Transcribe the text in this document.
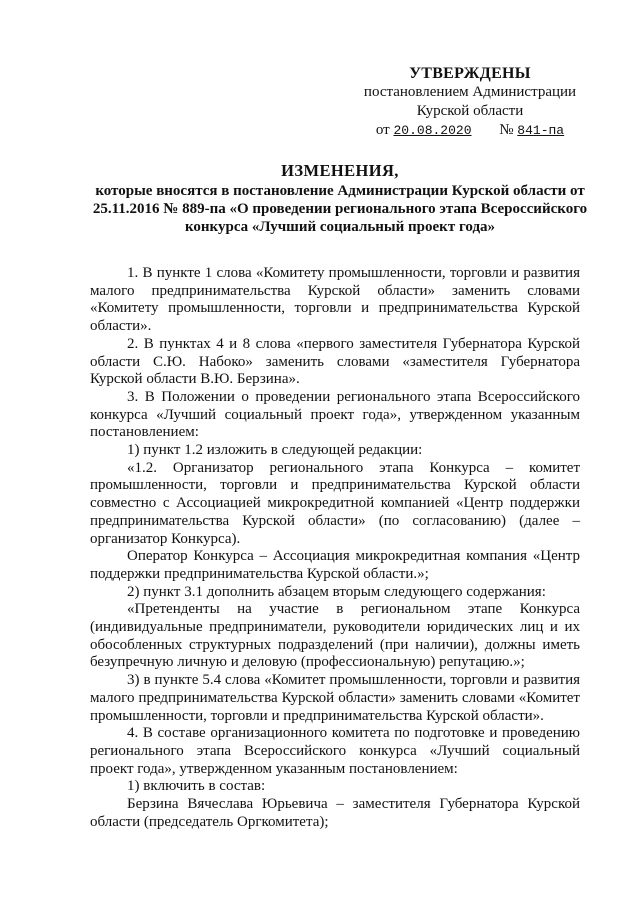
УТВЕРЖДЕНЫ
постановлением Администрации
Курской области
от 20.08.2020 № 841-па
ИЗМЕНЕНИЯ,
которые вносятся в постановление Администрации Курской области от 25.11.2016 № 889-па «О проведении регионального этапа Всероссийского конкурса «Лучший социальный проект года»

1. В пункте 1 слова «Комитету промышленности, торговли и развития малого предпринимательства Курской области» заменить словами «Комитету промышленности, торговли и предпринимательства Курской области».

2. В пунктах 4 и 8 слова «первого заместителя Губернатора Курской области С.Ю. Набоко» заменить словами «заместителя Губернатора Курской области В.Ю. Берзина».

3. В Положении о проведении регионального этапа Всероссийского конкурса «Лучший социальный проект года», утвержденном указанным постановлением:

1) пункт 1.2 изложить в следующей редакции:

«1.2. Организатор регионального этапа Конкурса – комитет промышленности, торговли и предпринимательства Курской области совместно с Ассоциацией микрокредитной компанией «Центр поддержки предпринимательства Курской области» (по согласованию) (далее – организатор Конкурса).

Оператор Конкурса – Ассоциация микрокредитная компания «Центр поддержки предпринимательства Курской области.»;

2) пункт 3.1 дополнить абзацем вторым следующего содержания:

«Претенденты на участие в региональном этапе Конкурса (индивидуальные предприниматели, руководители юридических лиц и их обособленных структурных подразделений (при наличии), должны иметь безупречную личную и деловую (профессиональную) репутацию.»;

3) в пункте 5.4 слова «Комитет промышленности, торговли и развития малого предпринимательства Курской области» заменить словами «Комитет промышленности, торговли и предпринимательства Курской области».

4. В составе организационного комитета по подготовке и проведению регионального этапа Всероссийского конкурса «Лучший социальный проект года», утвержденном указанным постановлением:

1) включить в состав:

Берзина Вячеслава Юрьевича – заместителя Губернатора Курской области (председатель Оргкомитета);
